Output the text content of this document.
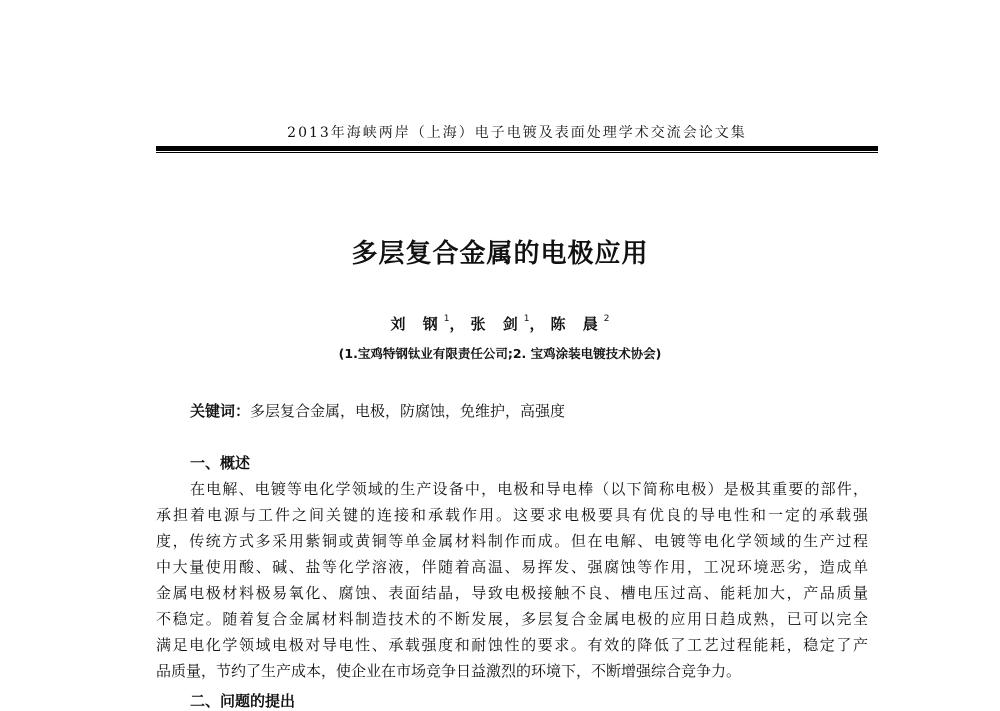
2013年海峡两岸（上海）电子电镀及表面处理学术交流会论文集
多层复合金属的电极应用
刘 钢$^1$， 张 剑$^1$， 陈 晨$^2$
(1.宝鸡特钢钛业有限责任公司;2. 宝鸡涂装电镀技术协会)
关键词：多层复合金属，电极，防腐蚀，免维护，高强度
一、概述
在电解、电镀等电化学领域的生产设备中，电极和导电棒（以下简称电极）是极其重要的部件，
承担着电源与工件之间关键的连接和承载作用。这要求电极要具有优良的导电性和一定的承载强
度，传统方式多采用紫铜或黄铜等单金属材料制作而成。但在电解、电镀等电化学领域的生产过程
中大量使用酸、碱、盐等化学溶液，伴随着高温、易挥发、强腐蚀等作用，工况环境恶劣，造成单
金属电极材料极易氧化、腐蚀、表面结晶，导致电极接触不良、槽电压过高、能耗加大，产品质量
不稳定。随着复合金属材料制造技术的不断发展，多层复合金属电极的应用日趋成熟，已可以完全
满足电化学领域电极对导电性、承载强度和耐蚀性的要求。有效的降低了工艺过程能耗，稳定了产
品质量，节约了生产成本，使企业在市场竞争日益激烈的环境下，不断增强综合竞争力。
二、问题的提出
